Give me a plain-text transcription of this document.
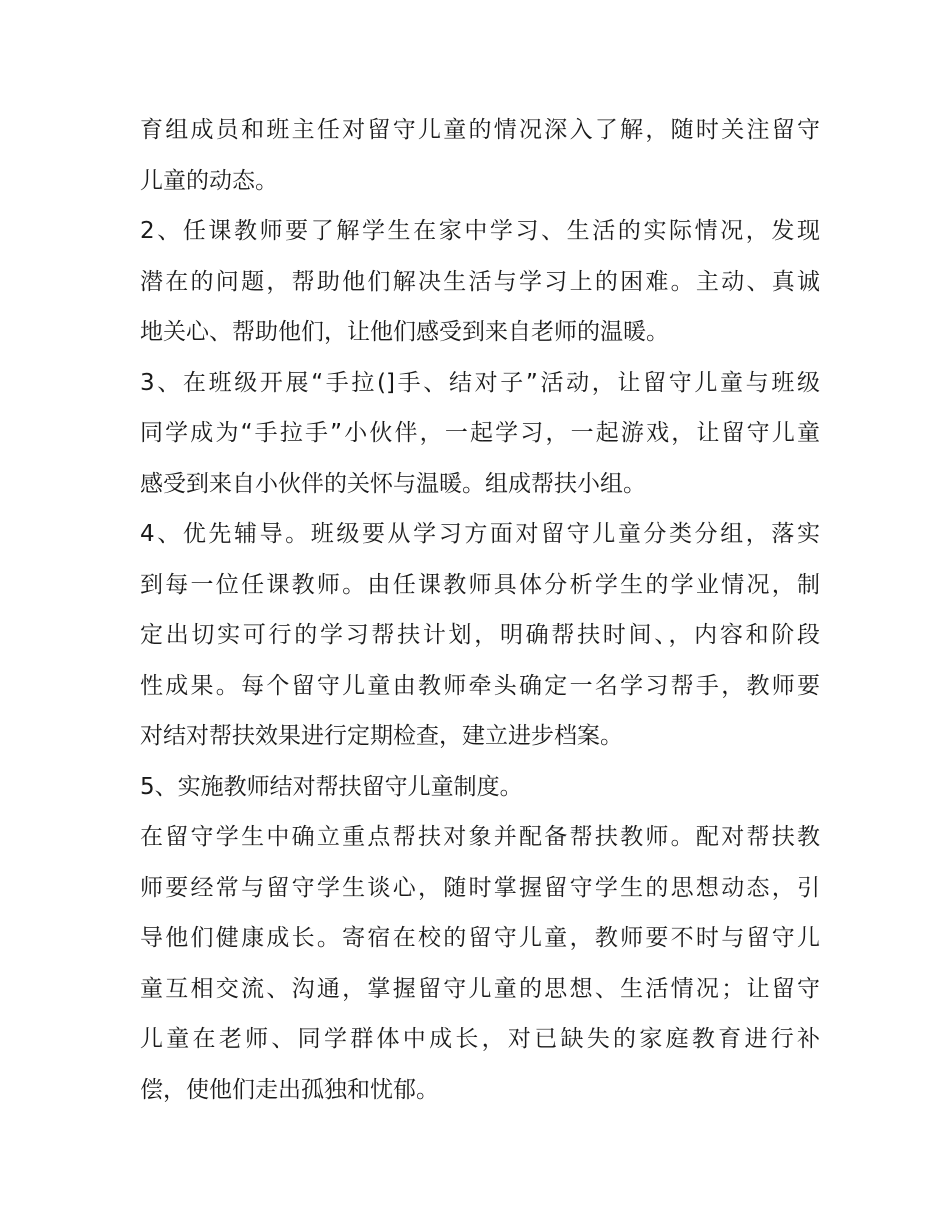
育组成员和班主任对留守儿童的情况深入了解，随时关注留守
儿童的动态。
2、任课教师要了解学生在家中学习、生活的实际情况，发现
潜在的问题，帮助他们解决生活与学习上的困难。主动、真诚
地关心、帮助他们，让他们感受到来自老师的温暖。
3、在班级开展“手拉(]手、结对子”活动，让留守儿童与班级
同学成为“手拉手”小伙伴，一起学习，一起游戏，让留守儿童
感受到来自小伙伴的关怀与温暖。组成帮扶小组。
4、优先辅导。班级要从学习方面对留守儿童分类分组，落实
到每一位任课教师。由任课教师具体分析学生的学业情况，制
定出切实可行的学习帮扶计划，明确帮扶时间、，内容和阶段
性成果。每个留守儿童由教师牵头确定一名学习帮手，教师要
对结对帮扶效果进行定期检查，建立进步档案。
5、实施教师结对帮扶留守儿童制度。
在留守学生中确立重点帮扶对象并配备帮扶教师。配对帮扶教
师要经常与留守学生谈心，随时掌握留守学生的思想动态，引
导他们健康成长。寄宿在校的留守儿童，教师要不时与留守儿
童互相交流、沟通，掌握留守儿童的思想、生活情况；让留守
儿童在老师、同学群体中成长，对已缺失的家庭教育进行补
偿，使他们走出孤独和忧郁。
